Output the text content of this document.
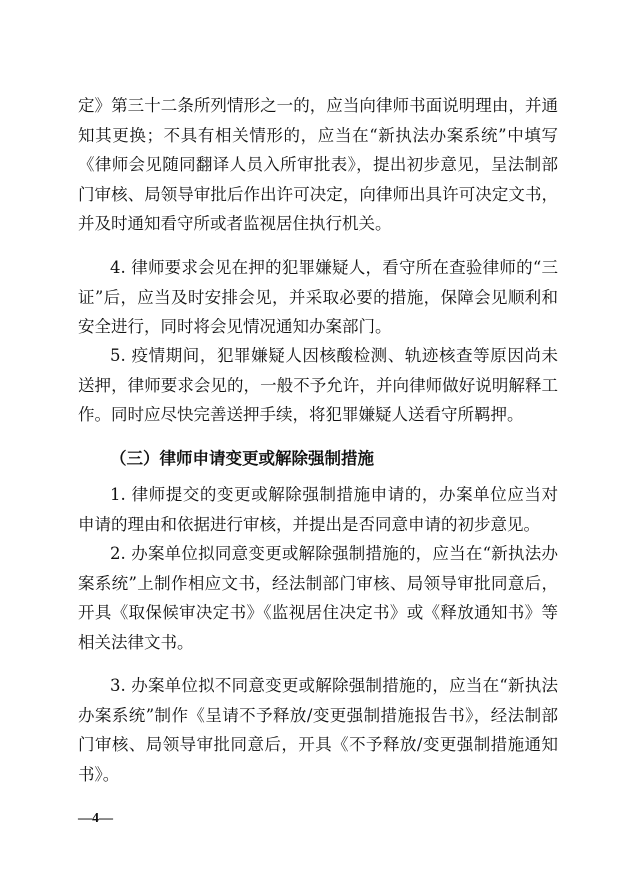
定》第三十二条所列情形之一的，应当向律师书面说明理由，并通知其更换；不具有相关情形的，应当在“新执法办案系统”中填写《律师会见随同翻译人员入所审批表》，提出初步意见，呈法制部门审核、局领导审批后作出许可决定，向律师出具许可决定文书，并及时通知看守所或者监视居住执行机关。

4. 律师要求会见在押的犯罪嫌疑人，看守所在查验律师的“三证”后，应当及时安排会见，并采取必要的措施，保障会见顺利和安全进行，同时将会见情况通知办案部门。

5. 疫情期间，犯罪嫌疑人因核酸检测、轨迹核查等原因尚未送押，律师要求会见的，一般不予允许，并向律师做好说明解释工作。同时应尽快完善送押手续，将犯罪嫌疑人送看守所羁押。

（三）律师申请变更或解除强制措施

1. 律师提交的变更或解除强制措施申请的，办案单位应当对申请的理由和依据进行审核，并提出是否同意申请的初步意见。

2. 办案单位拟同意变更或解除强制措施的，应当在“新执法办案系统”上制作相应文书，经法制部门审核、局领导审批同意后，开具《取保候审决定书》《监视居住决定书》或《释放通知书》等相关法律文书。

3. 办案单位拟不同意变更或解除强制措施的，应当在“新执法办案系统”制作《呈请不予释放/变更强制措施报告书》，经法制部门审核、局领导审批同意后，开具《不予释放/变更强制措施通知书》。

—4—
